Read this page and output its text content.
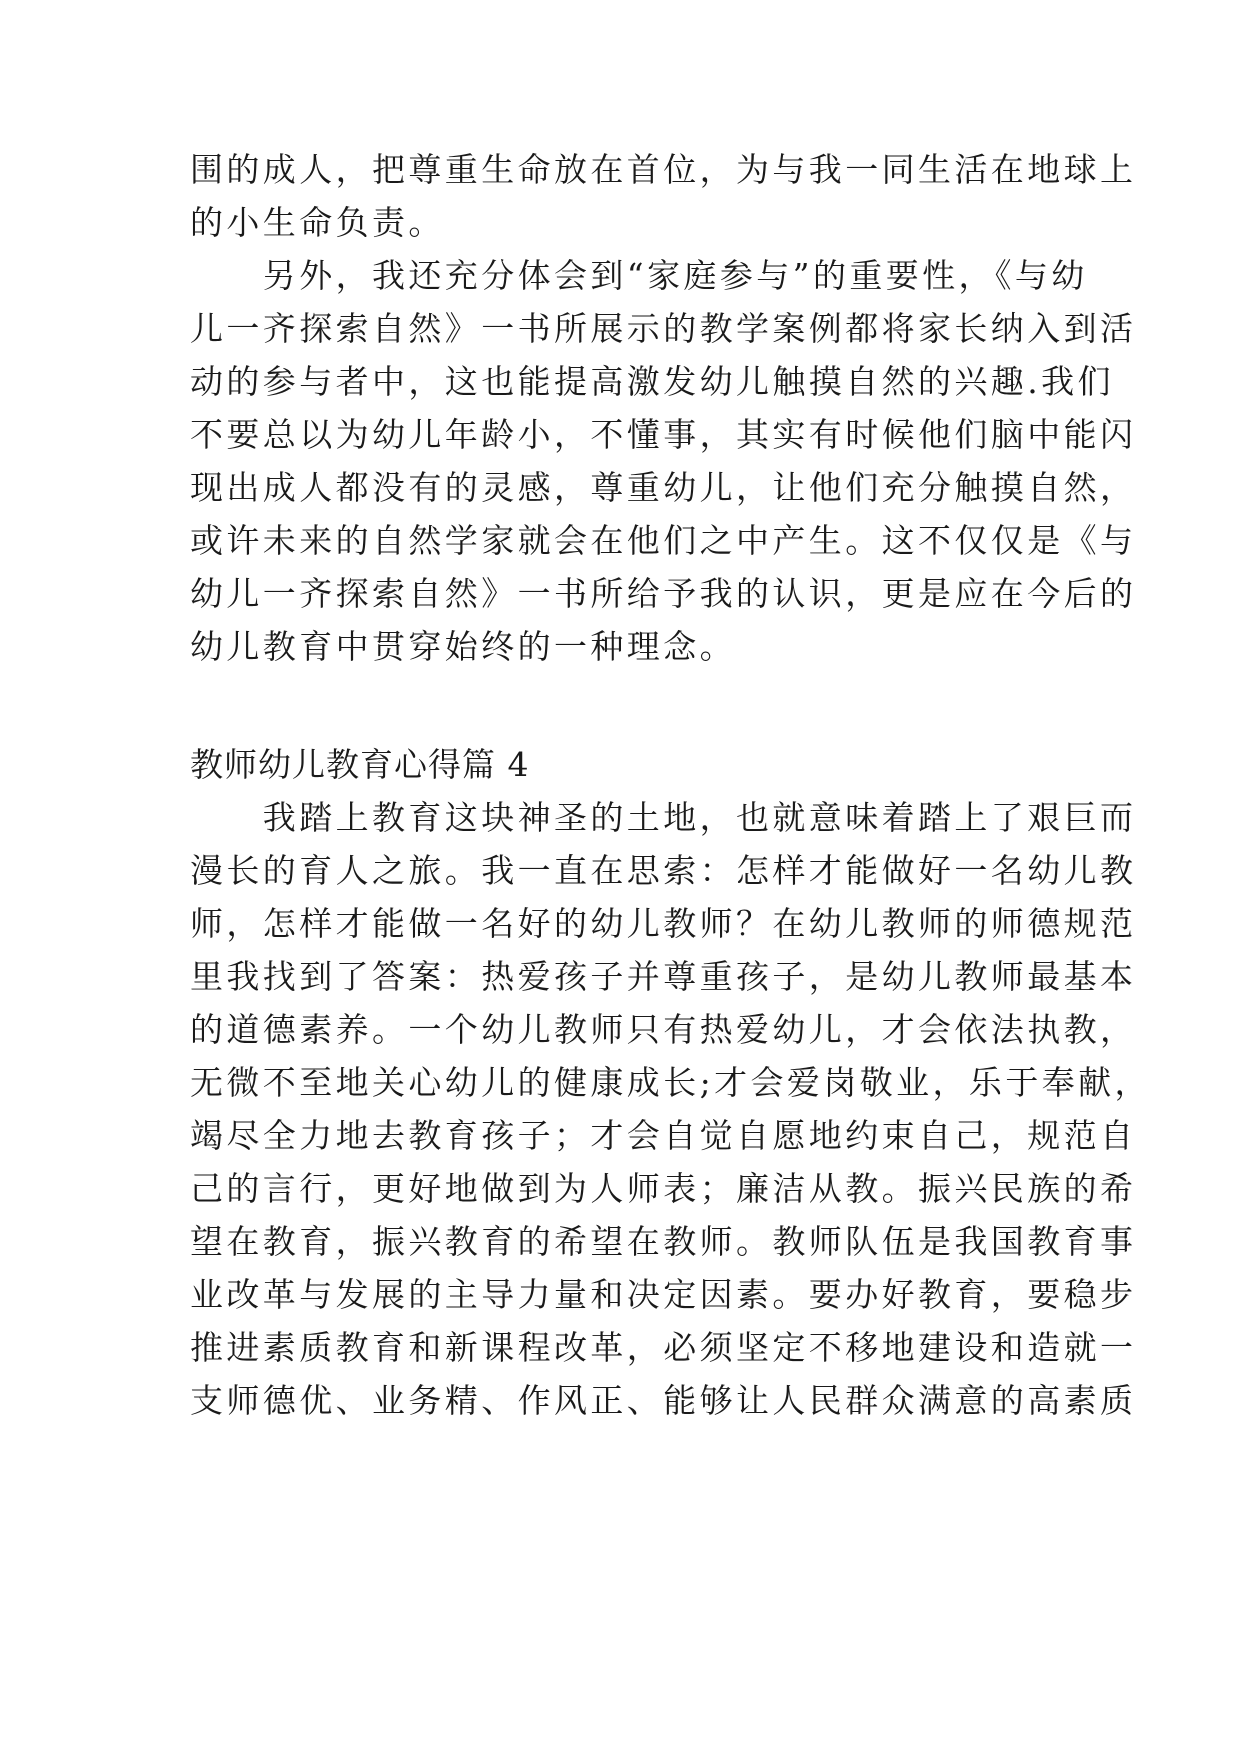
围的成人，把尊重生命放在首位，为与我一同生活在地球上
的小生命负责。
　　另外，我还充分体会到“家庭参与”的重要性，《与幼
儿一齐探索自然》一书所展示的教学案例都将家长纳入到活
动的参与者中，这也能提高激发幼儿触摸自然的兴趣.我们
不要总以为幼儿年龄小，不懂事，其实有时候他们脑中能闪
现出成人都没有的灵感，尊重幼儿，让他们充分触摸自然，
或许未来的自然学家就会在他们之中产生。这不仅仅是《与
幼儿一齐探索自然》一书所给予我的认识，更是应在今后的
幼儿教育中贯穿始终的一种理念。
教师幼儿教育心得篇 4
　　我踏上教育这块神圣的土地，也就意味着踏上了艰巨而
漫长的育人之旅。我一直在思索：怎样才能做好一名幼儿教
师，怎样才能做一名好的幼儿教师？在幼儿教师的师德规范
里我找到了答案：热爱孩子并尊重孩子，是幼儿教师最基本
的道德素养。一个幼儿教师只有热爱幼儿，才会依法执教，
无微不至地关心幼儿的健康成长;才会爱岗敬业，乐于奉献，
竭尽全力地去教育孩子；才会自觉自愿地约束自己，规范自
己的言行，更好地做到为人师表；廉洁从教。振兴民族的希
望在教育，振兴教育的希望在教师。教师队伍是我国教育事
业改革与发展的主导力量和决定因素。要办好教育，要稳步
推进素质教育和新课程改革，必须坚定不移地建设和造就一
支师德优、业务精、作风正、能够让人民群众满意的高素质
